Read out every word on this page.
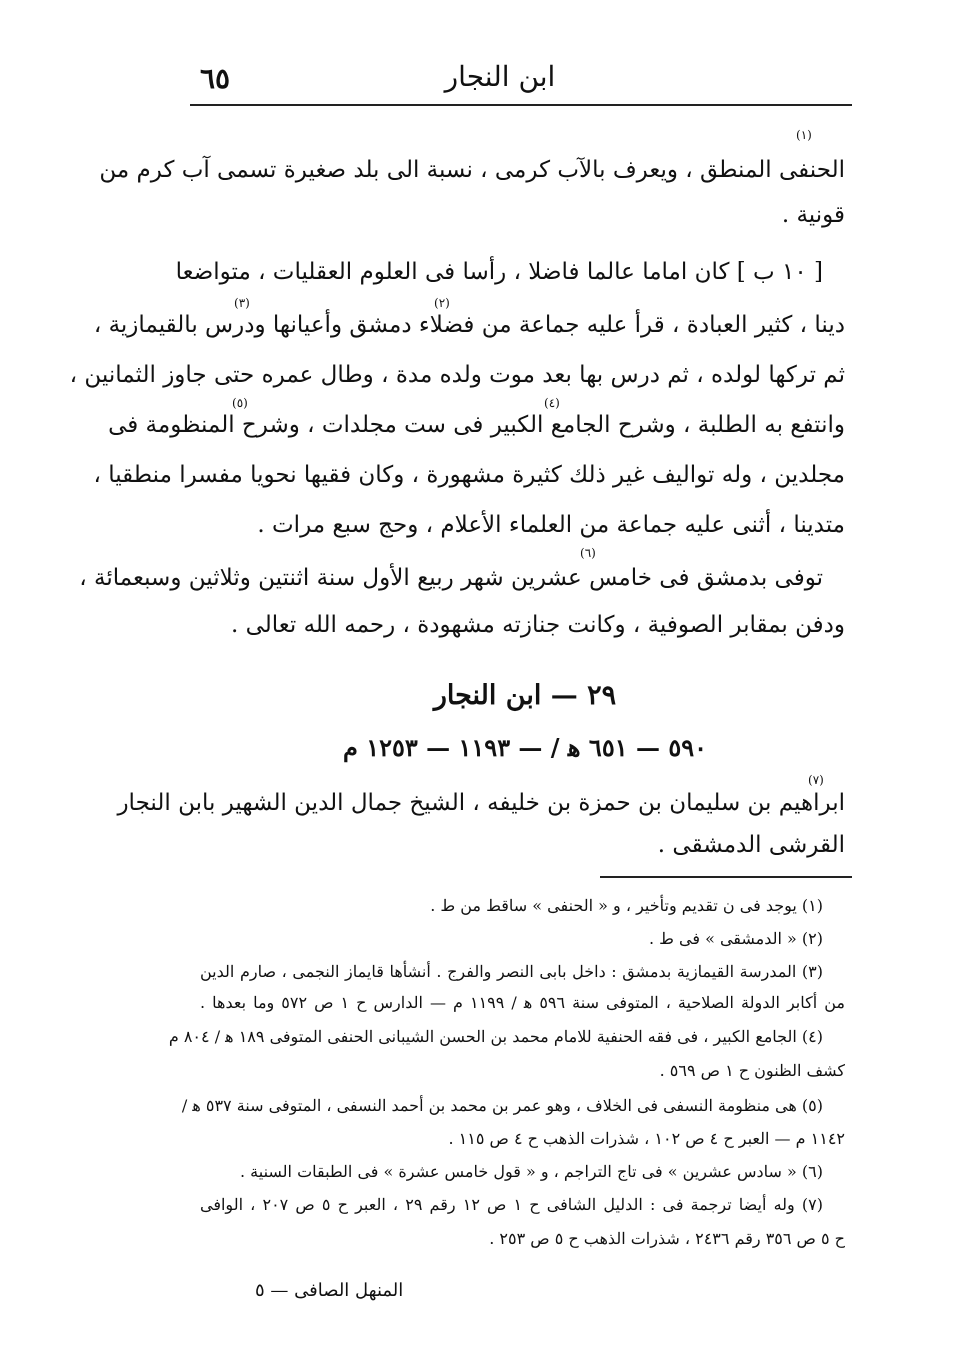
٦٥	ابن النجار
(١)
الحنفى المنطق ، ويعرف بالآب كرمى ، نسبة الى بلد صغيرة تسمى آب كرم من
قونية .
[ ١٠ ب ] كان اماما عالما فاضلا ، رأسا فى العلوم العقليات ، متواضعا
(٢)
(٣)
دينا ، كثير العبادة ، قرأ عليه جماعة من فضلاء دمشق وأعيانها ودرس بالقيمازية ،
ثم تركها لولده ، ثم درس بها بعد موت ولده مدة ، وطال عمره حتى جاوز الثمانين ،
(٤)
(٥)
وانتفع به الطلبة ، وشرح الجامع الكبير فى ست مجلدات ، وشرح المنظومة فى
مجلدين ، وله تواليف غير ذلك كثيرة مشهورة ، وكان فقيها نحويا مفسرا منطقيا ،
متدينا ، أثنى عليه جماعة من العلماء الأعلام ، وحج سبع مرات .
(٦)
توفى بدمشق فى خامس عشرين شهر ربيع الأول سنة اثنتين وثلاثين وسبعمائة ،
ودفن بمقابر الصوفية ، وكانت جنازته مشهودة ، رحمه الله تعالى .
٢٩ — ابن النجار
٥٩٠ — ٦٥١ ﻫ / — ١١٩٣ — ١٢٥٣ م
(٧)
ابراهيم بن سليمان بن حمزة بن خليفه ، الشيخ جمال الدين الشهير بابن النجار
القرشى الدمشقى .
(١) يوجد فى ن تقديم وتأخير ، و « الحنفى » ساقط من ط .
(٢) « الدمشقى » فى ط .
(٣) المدرسة القيمازية بدمشق : داخل بابى النصر والفرج . أنشأها قايماز النجمى ، صارم الدين
من أكابر الدولة الصلاحية ، المتوفى سنة ٥٩٦ ﻫ / ١١٩٩ م — الدارس ح ١ ص ٥٧٢ وما بعدها .
(٤) الجامع الكبير ، فى فقه الحنفية للامام محمد بن الحسن الشيبانى الحنفى المتوفى ١٨٩ ﻫ / ٨٠٤ م
كشف الظنون ح ١ ص ٥٦٩ .
(٥) هى منظومة النسفى فى الخلاف ، وهو عمر بن محمد بن أحمد النسفى ، المتوفى سنة ٥٣٧ ﻫ /
١١٤٢ م — العبر ح ٤ ص ١٠٢ ، شذرات الذهب ح ٤ ص ١١٥ .
(٦) « سادس عشرين » فى تاج التراجم ، و « قول خامس عشرة » فى الطبقات السنية .
(٧) وله أيضا ترجمة فى : الدليل الشافى ح ١ ص ١٢ رقم ٢٩ ، العبر ح ٥ ص ٢٠٧ ، الوافى
ح ٥ ص ٣٥٦ رقم ٢٤٣٦ ، شذرات الذهب ح ٥ ص ٢٥٣ .
المنهل الصافى — ٥
